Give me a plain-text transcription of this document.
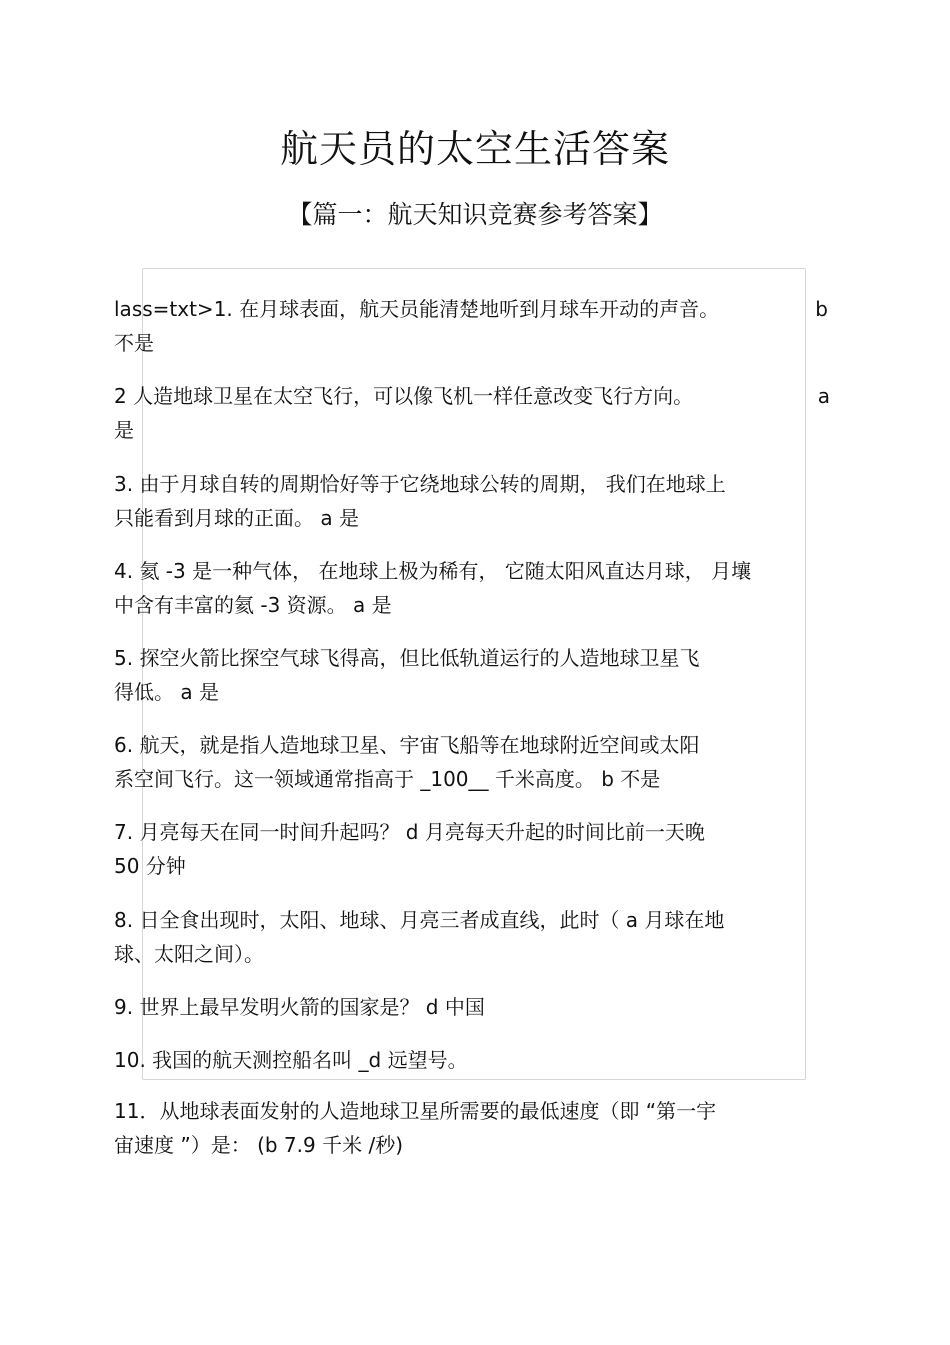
航天员的太空生活答案
【篇一：航天知识竞赛参考答案】
lass=txt>1. 在月球表面，航天员能清楚地听到月球车开动的声音。	b
不是
2 人造地球卫星在太空飞行，可以像飞机一样任意改变飞行方向。	a
是
3. 由于月球自转的周期恰好等于它绕地球公转的周期， 我们在地球上
只能看到月球的正面。 a 是
4. 氦 -3 是一种气体， 在地球上极为稀有， 它随太阳风直达月球， 月壤
中含有丰富的氦 -3 资源。 a 是
5. 探空火箭比探空气球飞得高，但比低轨道运行的人造地球卫星飞
得低。 a 是
6. 航天，就是指人造地球卫星、宇宙飞船等在地球附近空间或太阳
系空间飞行。这一领域通常指高于 _100__ 千米高度。 b 不是
7. 月亮每天在同一时间升起吗？ d 月亮每天升起的时间比前一天晚
50 分钟
8. 日全食出现时，太阳、地球、月亮三者成直线，此时（ a 月球在地
球、太阳之间）。
9. 世界上最早发明火箭的国家是？ d 中国
10. 我国的航天测控船名叫 _d 远望号。
11．从地球表面发射的人造地球卫星所需要的最低速度（即 “第一宇
宙速度 ”）是： (b 7.9 千米 /秒)
